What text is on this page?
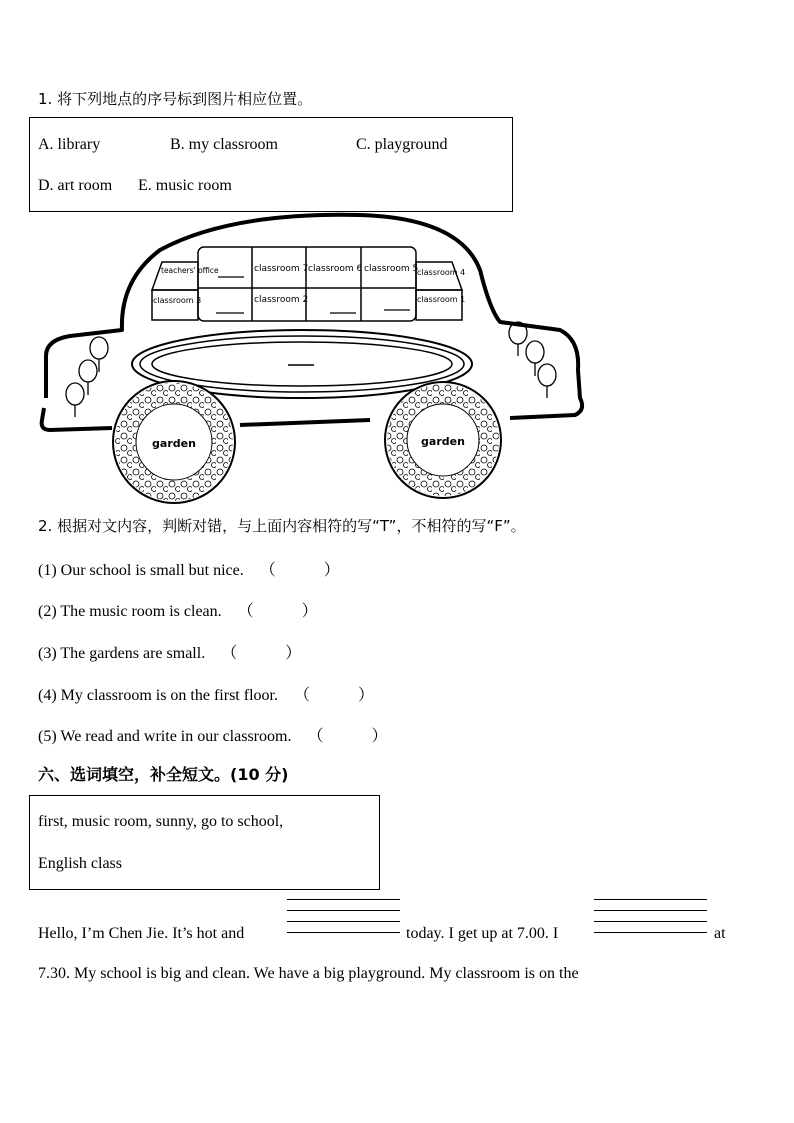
1. 将下列地点的序号标到图片相应位置。
A. library	B. my classroom	C. playground
D. art room E. music room
teachers' office	classroom 7 classroom 6 classroom 5
classroom 4
classroom 3	classroom 2	classroom 1
garden	garden
2. 根据对文内容，判断对错，与上面内容相符的写“T”，不相符的写“F”。
(1) Our school is small but nice. （	）
(2) The music room is clean. （	）
(3) The gardens are small. （	）
(4) My classroom is on the first floor. （	）
(5) We read and write in our classroom. （	）
六、选词填空，补全短文。(10 分)
first, music room, sunny, go to school,
English class
Hello, I’m Chen Jie. It’s hot and	today. I get up at 7.00. I	at
7.30. My school is big and clean. We have a big playground. My classroom is on the
